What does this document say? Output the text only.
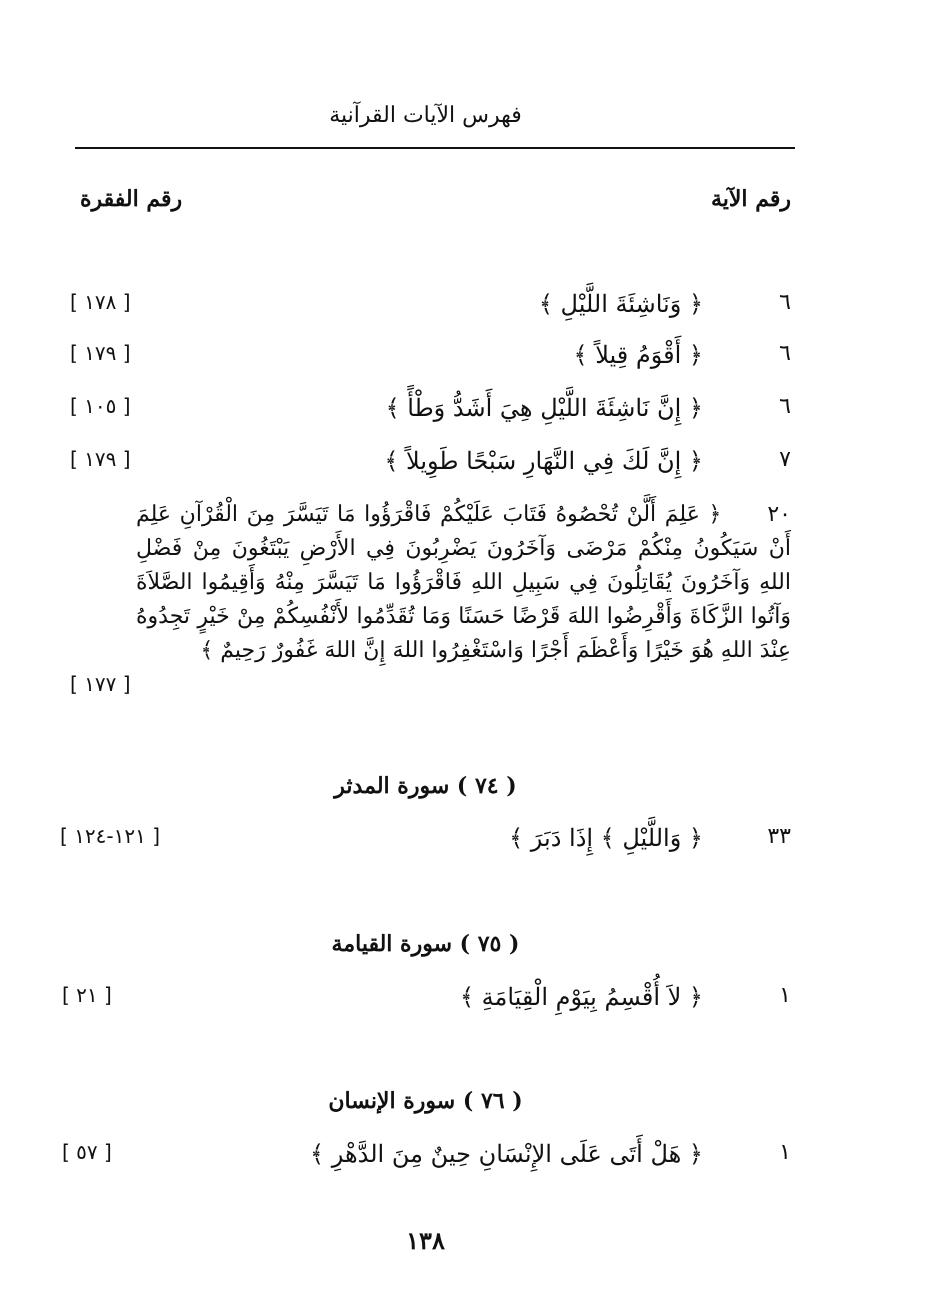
فهرس الآيات القرآنية
رقم الآية
رقم الفقرة
٦
﴿ وَنَاشِئَةَ اللَّيْلِ ﴾
[ ١٧٨ ]
٦
﴿ أَقْوَمُ قِيلاً ﴾
[ ١٧٩ ]
٦
﴿ إِنَّ نَاشِئَةَ اللَّيْلِ هِيَ أَشَدُّ وَطْأً ﴾
[ ١٠٥ ]
٧
﴿ إِنَّ لَكَ فِي النَّهَارِ سَبْحًا طَوِيلاً ﴾
[ ١٧٩ ]
٢٠﴿ عَلِمَ أَلَّنْ تُحْصُوهُ فَتَابَ عَلَيْكُمْ فَاقْرَؤُوا مَا تَيَسَّرَ مِنَ الْقُرْآنِ عَلِمَ أَنْ سَيَكُونُ مِنْكُمْ مَرْضَى وَآخَرُونَ يَضْرِبُونَ فِي الأَرْضِ يَبْتَغُونَ مِنْ فَضْلِ اللهِ وَآخَرُونَ يُقَاتِلُونَ فِي سَبِيلِ اللهِ فَاقْرَؤُوا مَا تَيَسَّرَ مِنْهُ وَأَقِيمُوا الصَّلاَةَ وَآتُوا الزَّكَاةَ وَأَقْرِضُوا اللهَ قَرْضًا حَسَنًا وَمَا تُقَدِّمُوا لأَنْفُسِكُمْ مِنْ خَيْرٍ تَجِدُوهُ عِنْدَ اللهِ هُوَ خَيْرًا وَأَعْظَمَ أَجْرًا وَاسْتَغْفِرُوا اللهَ إِنَّ اللهَ غَفُورٌ رَحِيمٌ ﴾
[ ١٧٧ ]
( ٧٤ ) سورة المدثر
٣٣
﴿ وَاللَّيْلِ ﴾ إِذَا دَبَرَ ﴾
[ ١٢١-١٢٤ ]
( ٧٥ ) سورة القيامة
١
﴿ لاَ أُقْسِمُ بِيَوْمِ الْقِيَامَةِ ﴾
[ ٢١ ]
( ٧٦ ) سورة الإنسان
١
﴿ هَلْ أَتَى عَلَى الإِنْسَانِ حِينٌ مِنَ الدَّهْرِ ﴾
[ ٥٧ ]
١٣٨
